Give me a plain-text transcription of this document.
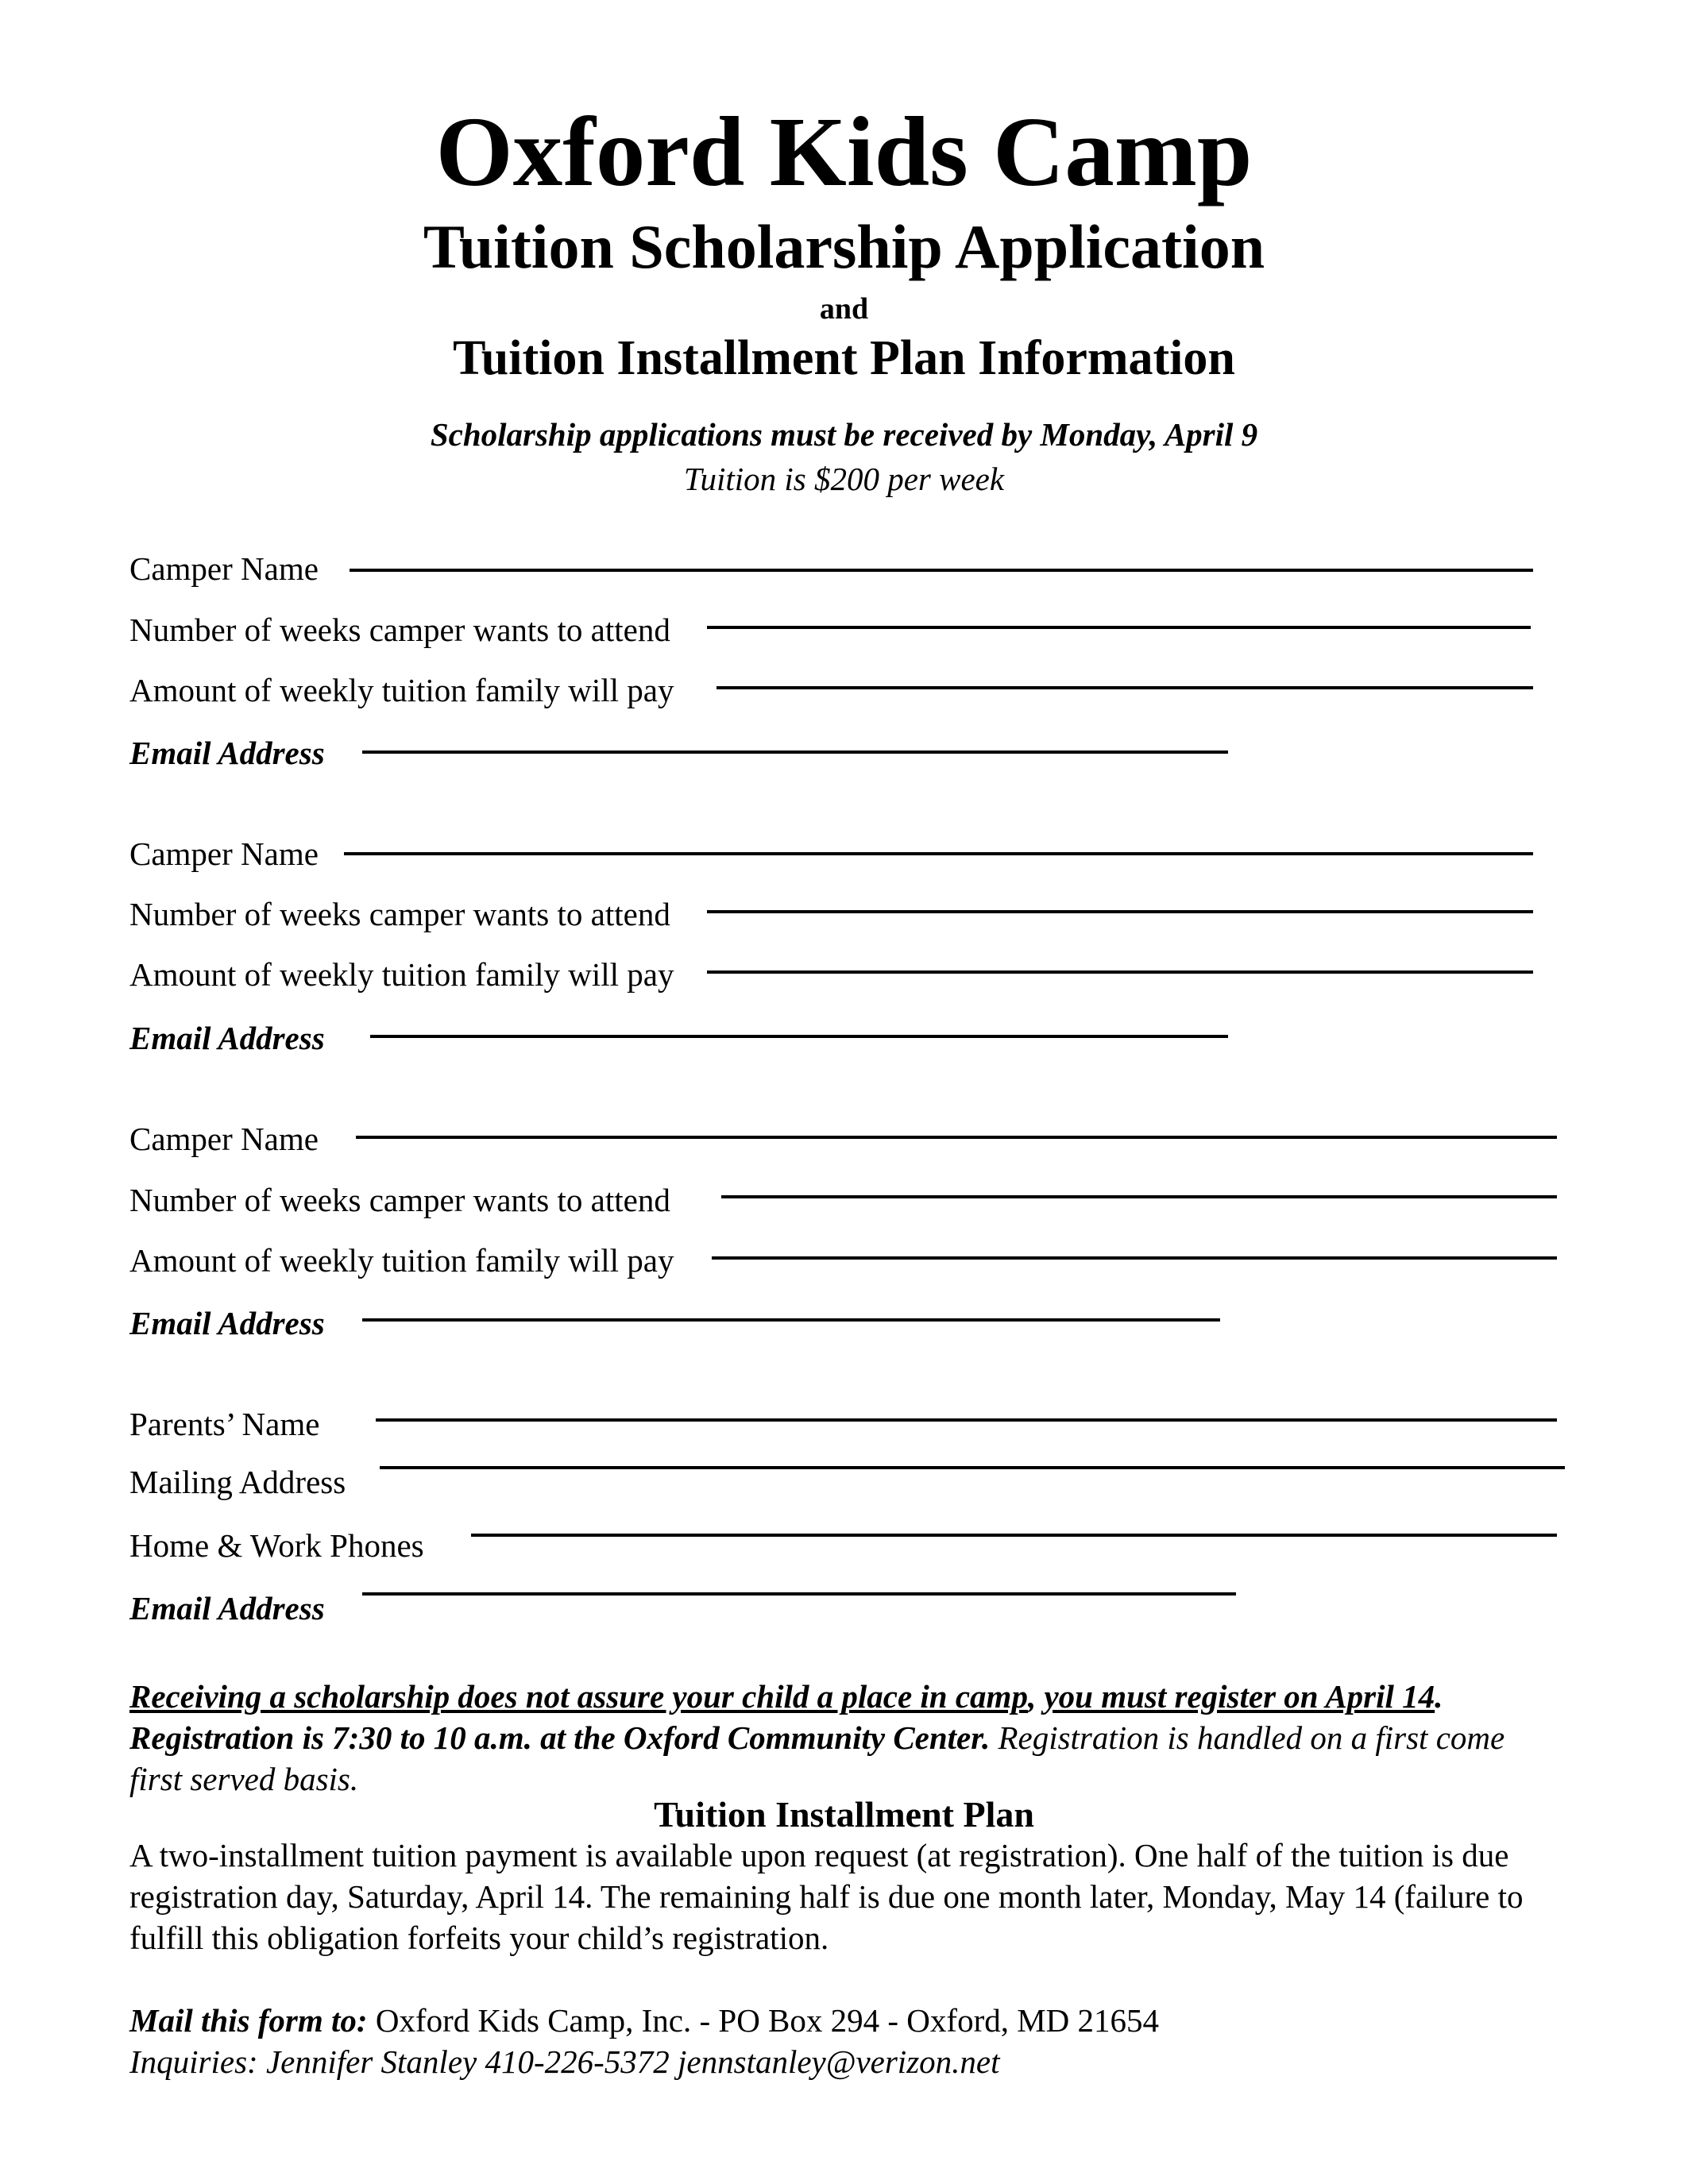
Oxford Kids Camp
Tuition Scholarship Application
and
Tuition Installment Plan Information
Scholarship applications must be received by Monday, April 9
Tuition is $200 per week
Camper Name
Number of weeks camper wants to attend
Amount of weekly tuition family will pay
Email Address
Camper Name
Number of weeks camper wants to attend
Amount of weekly tuition family will pay
Email Address
Camper Name
Number of weeks camper wants to attend
Amount of weekly tuition family will pay
Email Address
Parents’ Name
Mailing Address
Home & Work Phones
Email Address
Receiving a scholarship does not assure your child a place in camp, you must register on April 14.
Registration is 7:30 to 10 a.m. at the Oxford Community Center. Registration is handled on a first come first served basis.
Tuition Installment Plan
A two-installment tuition payment is available upon request (at registration). One half of the tuition is due registration day, Saturday, April 14. The remaining half is due one month later, Monday, May 14 (failure to fulfill this obligation forfeits your child’s registration.
Mail this form to: Oxford Kids Camp, Inc. - PO Box 294 - Oxford, MD 21654
Inquiries: Jennifer Stanley 410-226-5372 jennstanley@verizon.net
